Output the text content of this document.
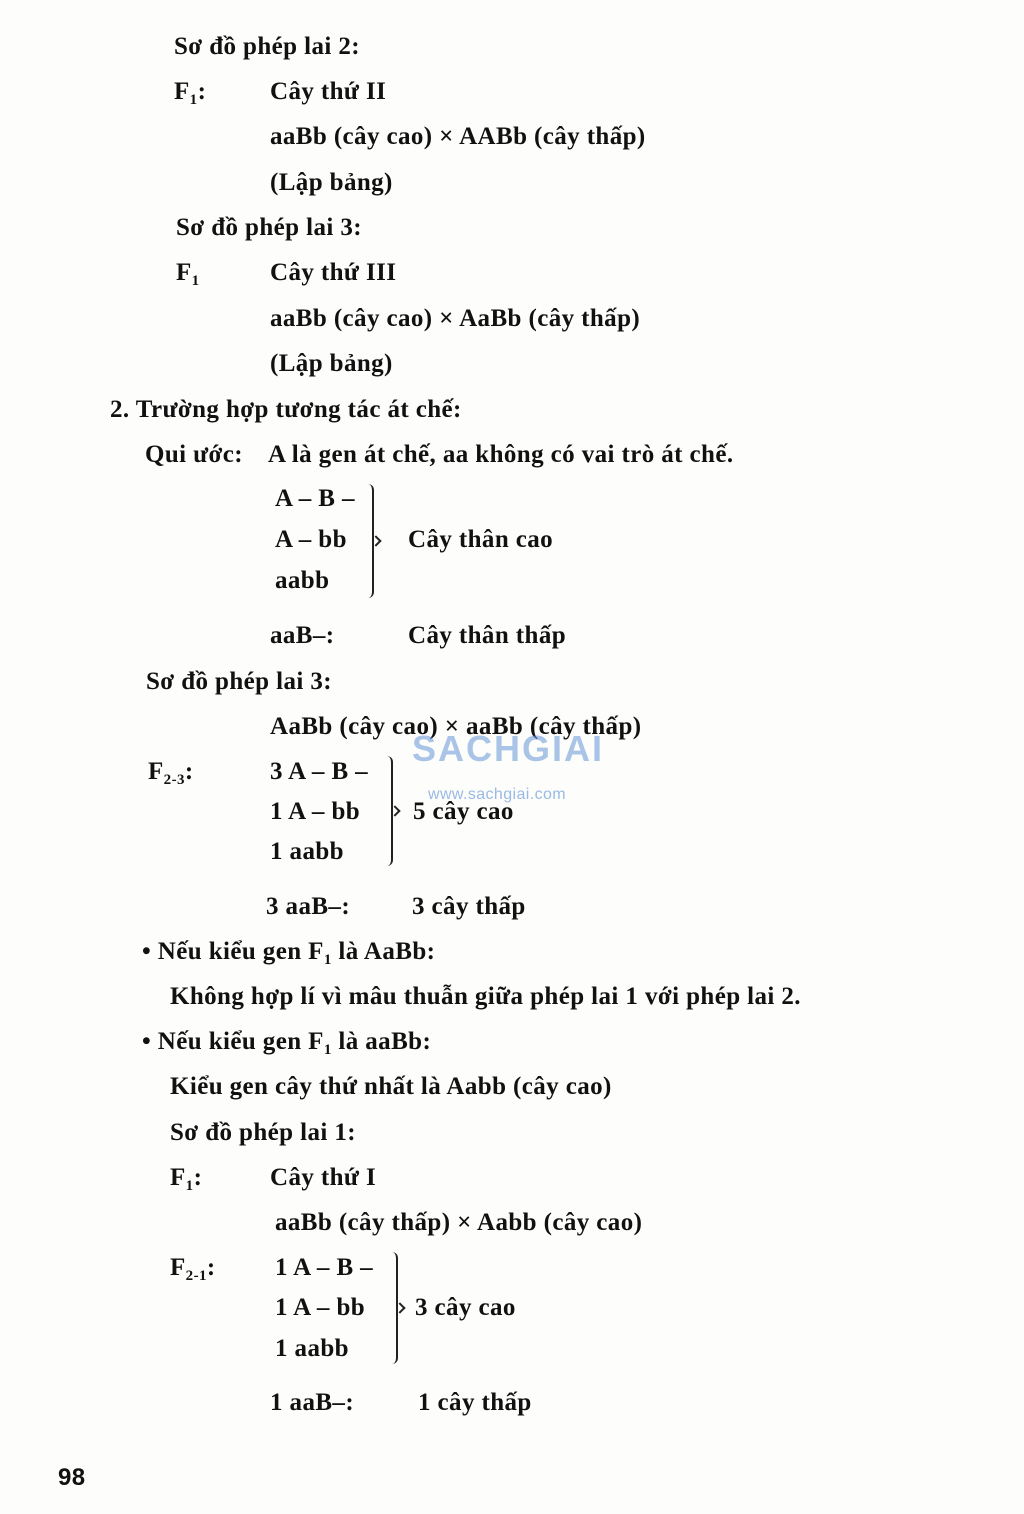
Sơ đồ phép lai 2:
$F_1$:	Cây thứ II
aaBb (cây cao) × AABb (cây thấp)
(Lập bảng)
Sơ đồ phép lai 3:
$F_1$	Cây thứ III
aaBb (cây cao) × AaBb (cây thấp)
(Lập bảng)
2. Trường hợp tương tác át chế:
Qui ước: A là gen át chế, aa không có vai trò át chế.
A – B –
A – bb
aabb
Cây thân cao
aaB–:	Cây thân thấp
Sơ đồ phép lai 3:
AaBb (cây cao) × aaBb (cây thấp)
SACHGIAI
www.sachgiai.com
$F_{2-3}$:	3 A – B –
1 A – bb
1 aabb
5 cây cao
3 aaB–: 3 cây thấp
• Nếu kiểu gen $F_1$ là AaBb:
Không hợp lí vì mâu thuẫn giữa phép lai 1 với phép lai 2.
• Nếu kiểu gen $F_1$ là aaBb:
Kiểu gen cây thứ nhất là Aabb (cây cao)
Sơ đồ phép lai 1:
$F_1$:	Cây thứ I
aaBb (cây thấp) × Aabb (cây cao)
$F_{2-1}$: 1 A – B –
1 A – bb
1 aabb
3 cây cao
1 aaB–:	1 cây thấp
98
